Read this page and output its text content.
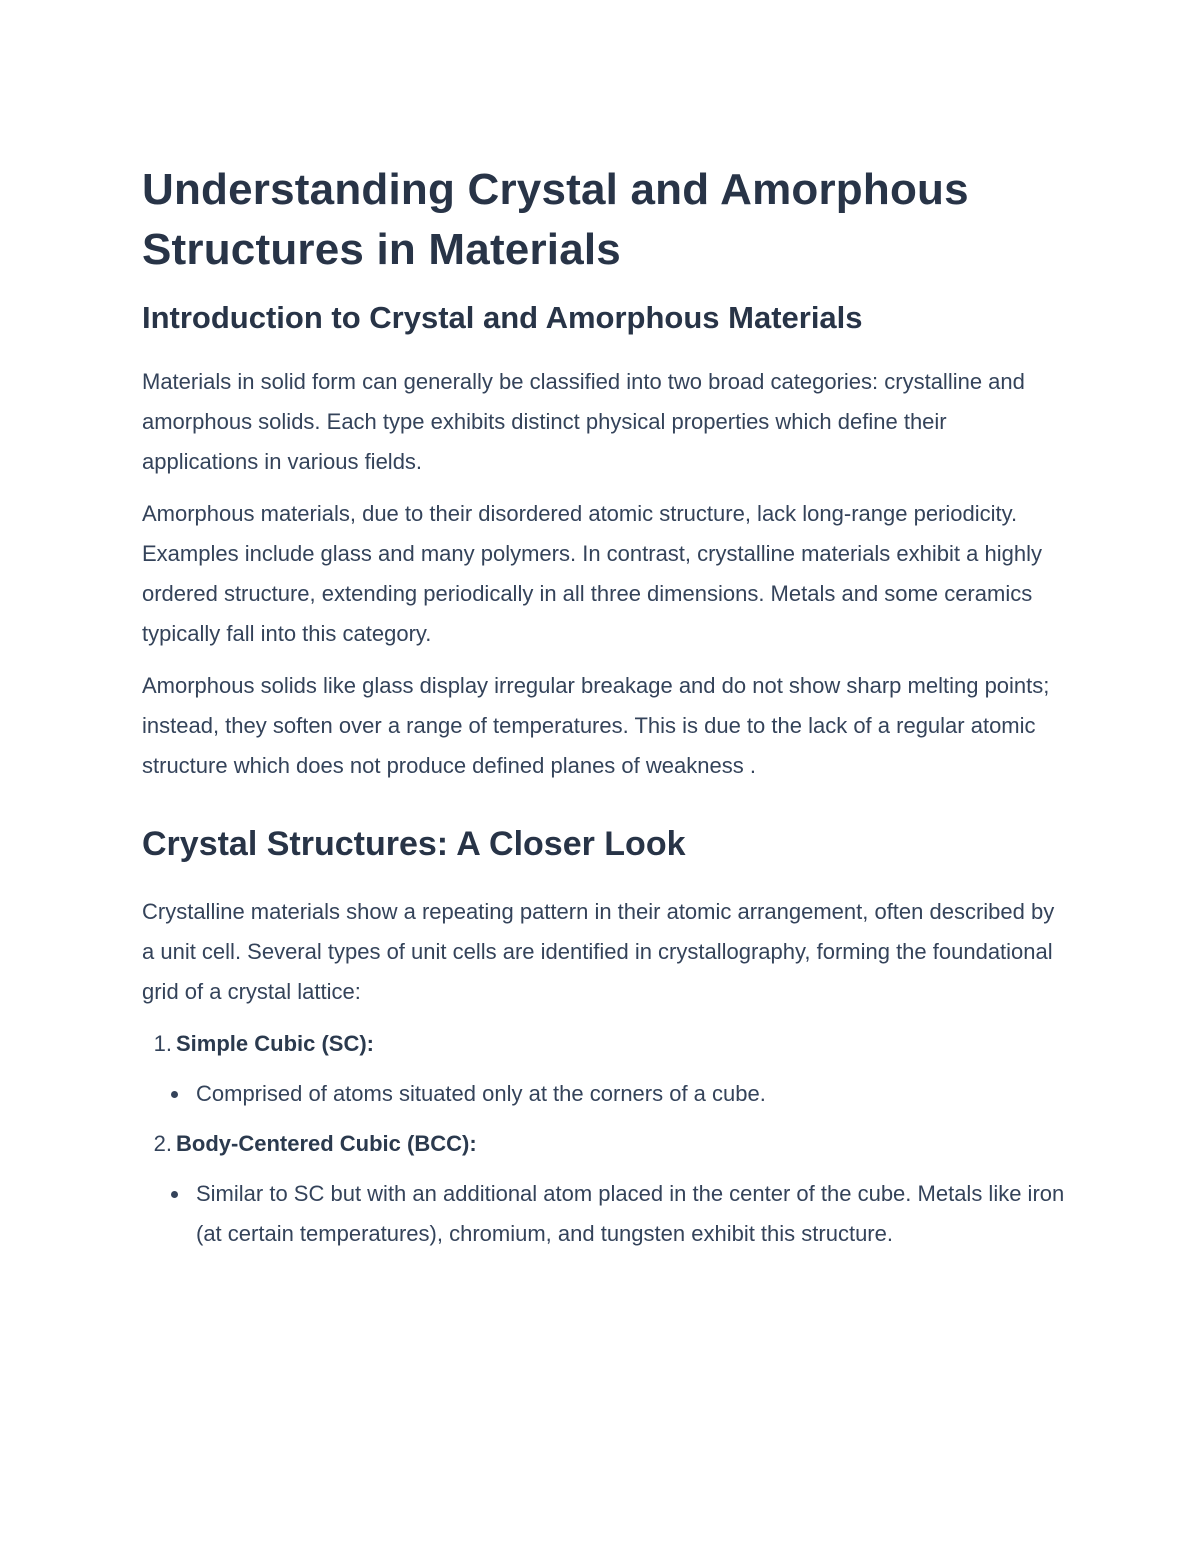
Understanding Crystal and Amorphous Structures in Materials
Introduction to Crystal and Amorphous Materials

Materials in solid form can generally be classified into two broad categories: crystalline and amorphous solids. Each type exhibits distinct physical properties which define their applications in various fields.

Amorphous materials, due to their disordered atomic structure, lack long-range periodicity. Examples include glass and many polymers. In contrast, crystalline materials exhibit a highly ordered structure, extending periodically in all three dimensions. Metals and some ceramics typically fall into this category.

Amorphous solids like glass display irregular breakage and do not show sharp melting points; instead, they soften over a range of temperatures. This is due to the lack of a regular atomic structure which does not produce defined planes of weakness .

Crystal Structures: A Closer Look

Crystalline materials show a repeating pattern in their atomic arrangement, often described by a unit cell. Several types of unit cells are identified in crystallography, forming the foundational grid of a crystal lattice:

1. Simple Cubic (SC):
Comprised of atoms situated only at the corners of a cube.
2. Body-Centered Cubic (BCC):
Similar to SC but with an additional atom placed in the center of the cube. Metals like iron (at certain temperatures), chromium, and tungsten exhibit this structure.
